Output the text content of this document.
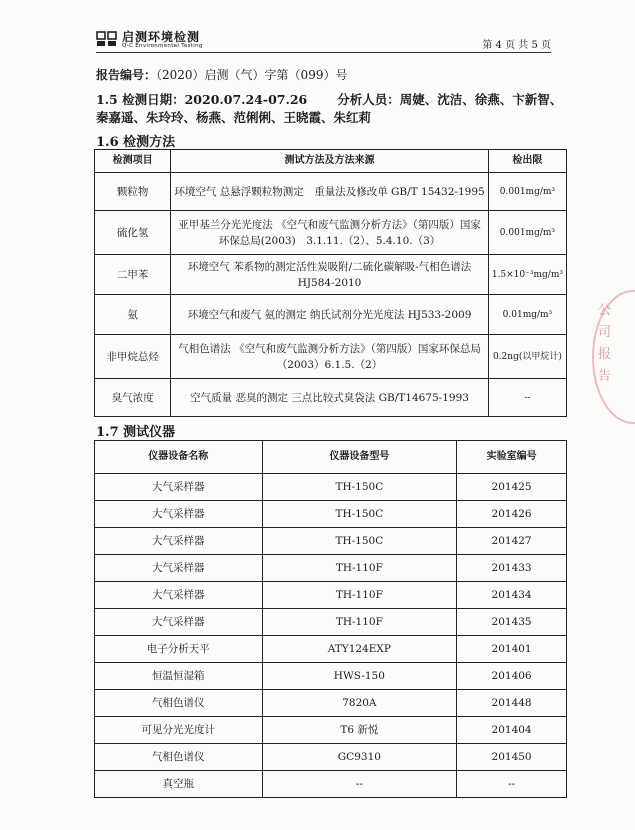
启测环境检测
Q-C Environmental Testing	第 4 页 共 5 页
报告编号：（2020）启测（气）字第（099）号
1.5 检测日期：2020.07.24-07.26 分析人员：周婕、沈洁、徐燕、卞新智、
秦嘉遥、朱玲玲、杨燕、范俐俐、王晓霞、朱红莉
1.6 检测方法
检测项目	测试方法及方法来源	检出限
颗粒物	环境空气 总悬浮颗粒物测定　重量法及修改单 GB/T 15432-1995	0.001mg/m³
硫化氢	亚甲基兰分光光度法 《空气和废气监测分析方法》（第四版）国家环保总局(2003)　3.1.11.（2）、5.4.10.（3）	0.001mg/m³
二甲苯	环境空气 苯系物的测定活性炭吸附/二硫化碳解吸-气相色谱法 HJ584-2010	1.5×10⁻³mg/m³
氨	环境空气和废气 氨的测定 纳氏试剂分光光度法 HJ533-2009	0.01mg/m³
非甲烷总烃	气相色谱法 《空气和废气监测分析方法》（第四版）国家环保总局（2003）6.1.5.（2）	0.2ng(以甲烷计)
臭气浓度	空气质量 恶臭的测定 三点比较式臭袋法 GB/T14675-1993	--
1.7 测试仪器
仪器设备名称	仪器设备型号	实验室编号
大气采样器	TH-150C	201425
大气采样器	TH-150C	201426
大气采样器	TH-150C	201427
大气采样器	TH-110F	201433
大气采样器	TH-110F	201434
大气采样器	TH-110F	201435
电子分析天平	ATY124EXP	201401
恒温恒湿箱	HWS-150	201406
气相色谱仪	7820A	201448
可见分光光度计	T6 新悦	201404
气相色谱仪	GC9310	201450
真空瓶	--	--
公司 报告
